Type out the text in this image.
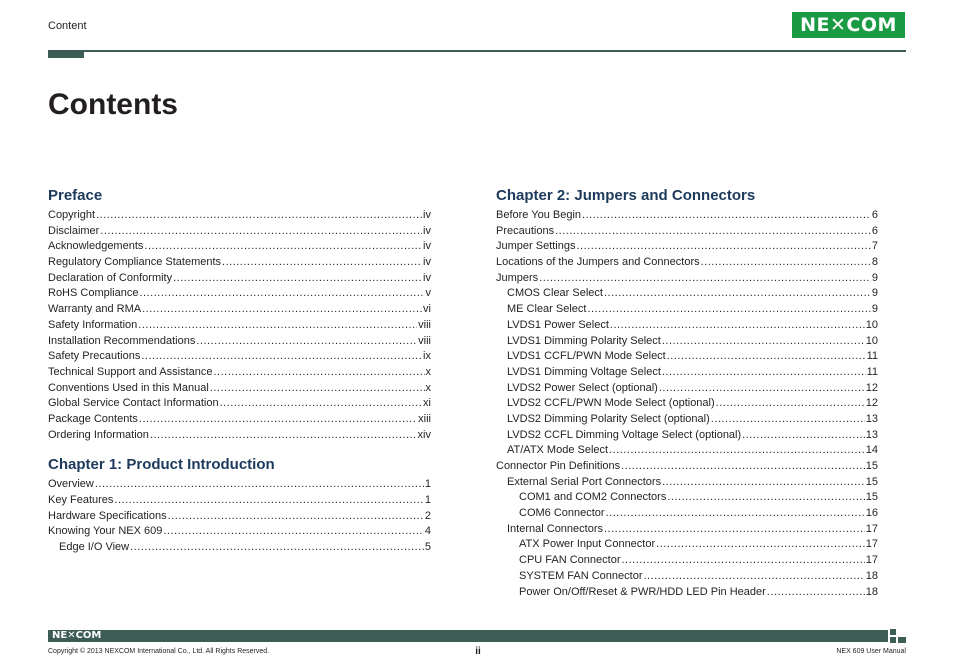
Content	NE✕COM
Contents
Preface
Copyright .....	iv
Disclaimer .....	iv
Acknowledgements .....	iv
Regulatory Compliance Statements .....	iv
Declaration of Conformity .....	iv
RoHS Compliance .....	v
Warranty and RMA .....	vi
Safety Information .....	viii
Installation Recommendations .....	viii
Safety Precautions .....	ix
Technical Support and Assistance .....	x
Conventions Used in this Manual .....	x
Global Service Contact Information .....	xi
Package Contents .....	xiii
Ordering Information .....	xiv
Chapter 1: Product Introduction
Overview .....	1
Key Features .....	1
Hardware Specifications .....	2
Knowing Your NEX 609 .....	4
Edge I/O View .....	5
Chapter 2: Jumpers and Connectors
Before You Begin .....	6
Precautions .....	6
Jumper Settings .....	7
Locations of the Jumpers and Connectors .....	8
Jumpers .....	9
CMOS Clear Select .....	9
ME Clear Select .....	9
LVDS1 Power Select .....	10
LVDS1 Dimming Polarity Select .....	10
LVDS1 CCFL/PWN Mode Select .....	11
LVDS1 Dimming Voltage Select .....	11
LVDS2 Power Select (optional) .....	12
LVDS2 CCFL/PWN Mode Select (optional) .....	12
LVDS2 Dimming Polarity Select (optional) .....	13
LVDS2 CCFL Dimming Voltage Select (optional) .....	13
AT/ATX Mode Select .....	14
Connector Pin Definitions .....	15
External Serial Port Connectors .....	15
COM1 and COM2 Connectors .....	15
COM6 Connector .....	16
Internal Connectors .....	17
ATX Power Input Connector .....	17
CPU FAN Connector .....	17
SYSTEM FAN Connector .....	18
Power On/Off/Reset & PWR/HDD LED Pin Header .....	18
NE✕COM
Copyright © 2013 NEXCOM International Co., Ltd. All Rights Reserved.	ii	NEX 609 User Manual
